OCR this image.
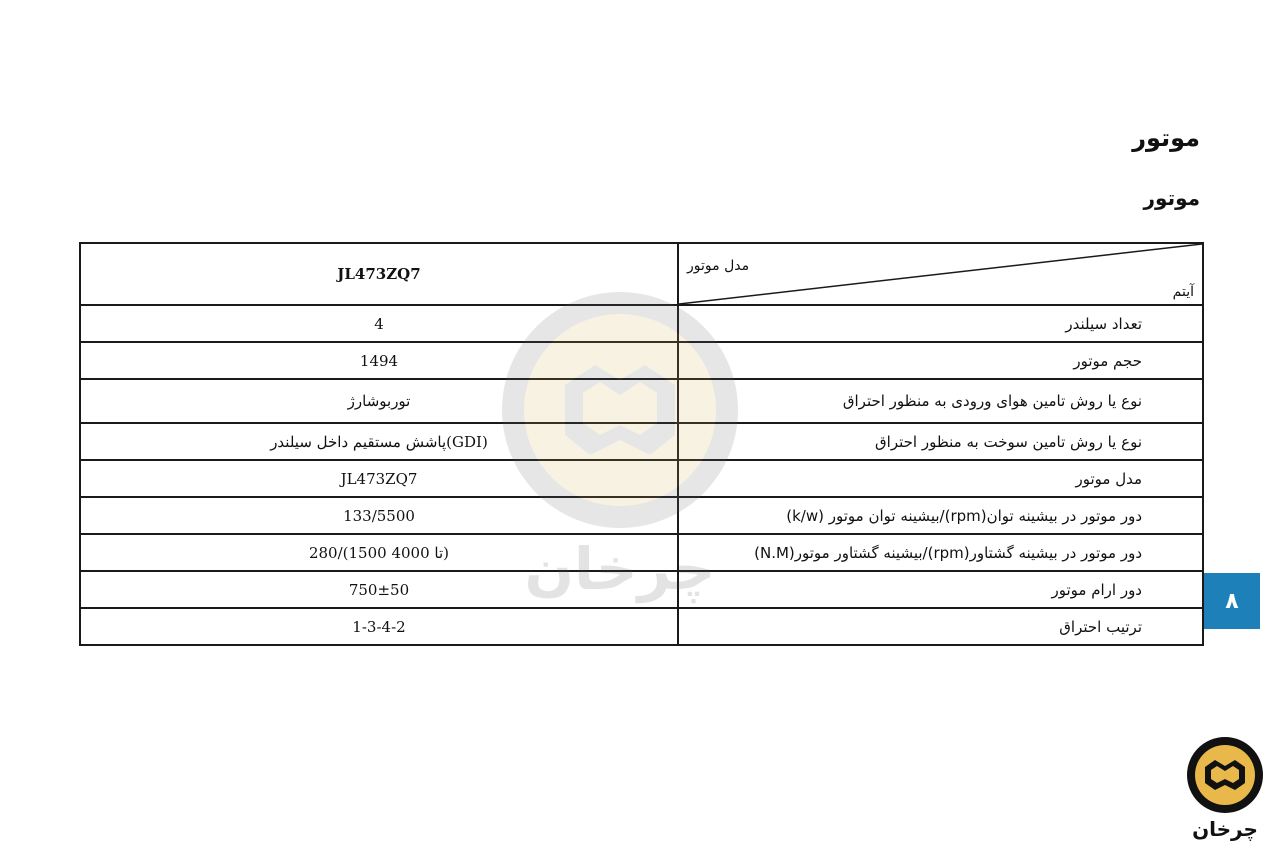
موتور
موتور
JL473ZQ7	مدل موتور
آیتم

4	تعداد سیلندر
1494	حجم موتور
توربوشارژ	نوع یا روش تامین هوای ورودی به منظور احتراق
پاشش مستقیم داخل سیلندر(GDI)	نوع یا روش تامین سوخت به منظور احتراق
JL473ZQ7	مدل موتور
133/5500	دور موتور در بیشینه توان(rpm)/بیشینه توان موتور (k/w)
280/(1500 تا 4000)	دور موتور در بیشینه گشتاور(rpm)/بیشینه گشتاور موتور(N.M)
750±50	دور ارام موتور
1-3-4-2	ترتیب احتراق
چرخان	۸
چرخان
